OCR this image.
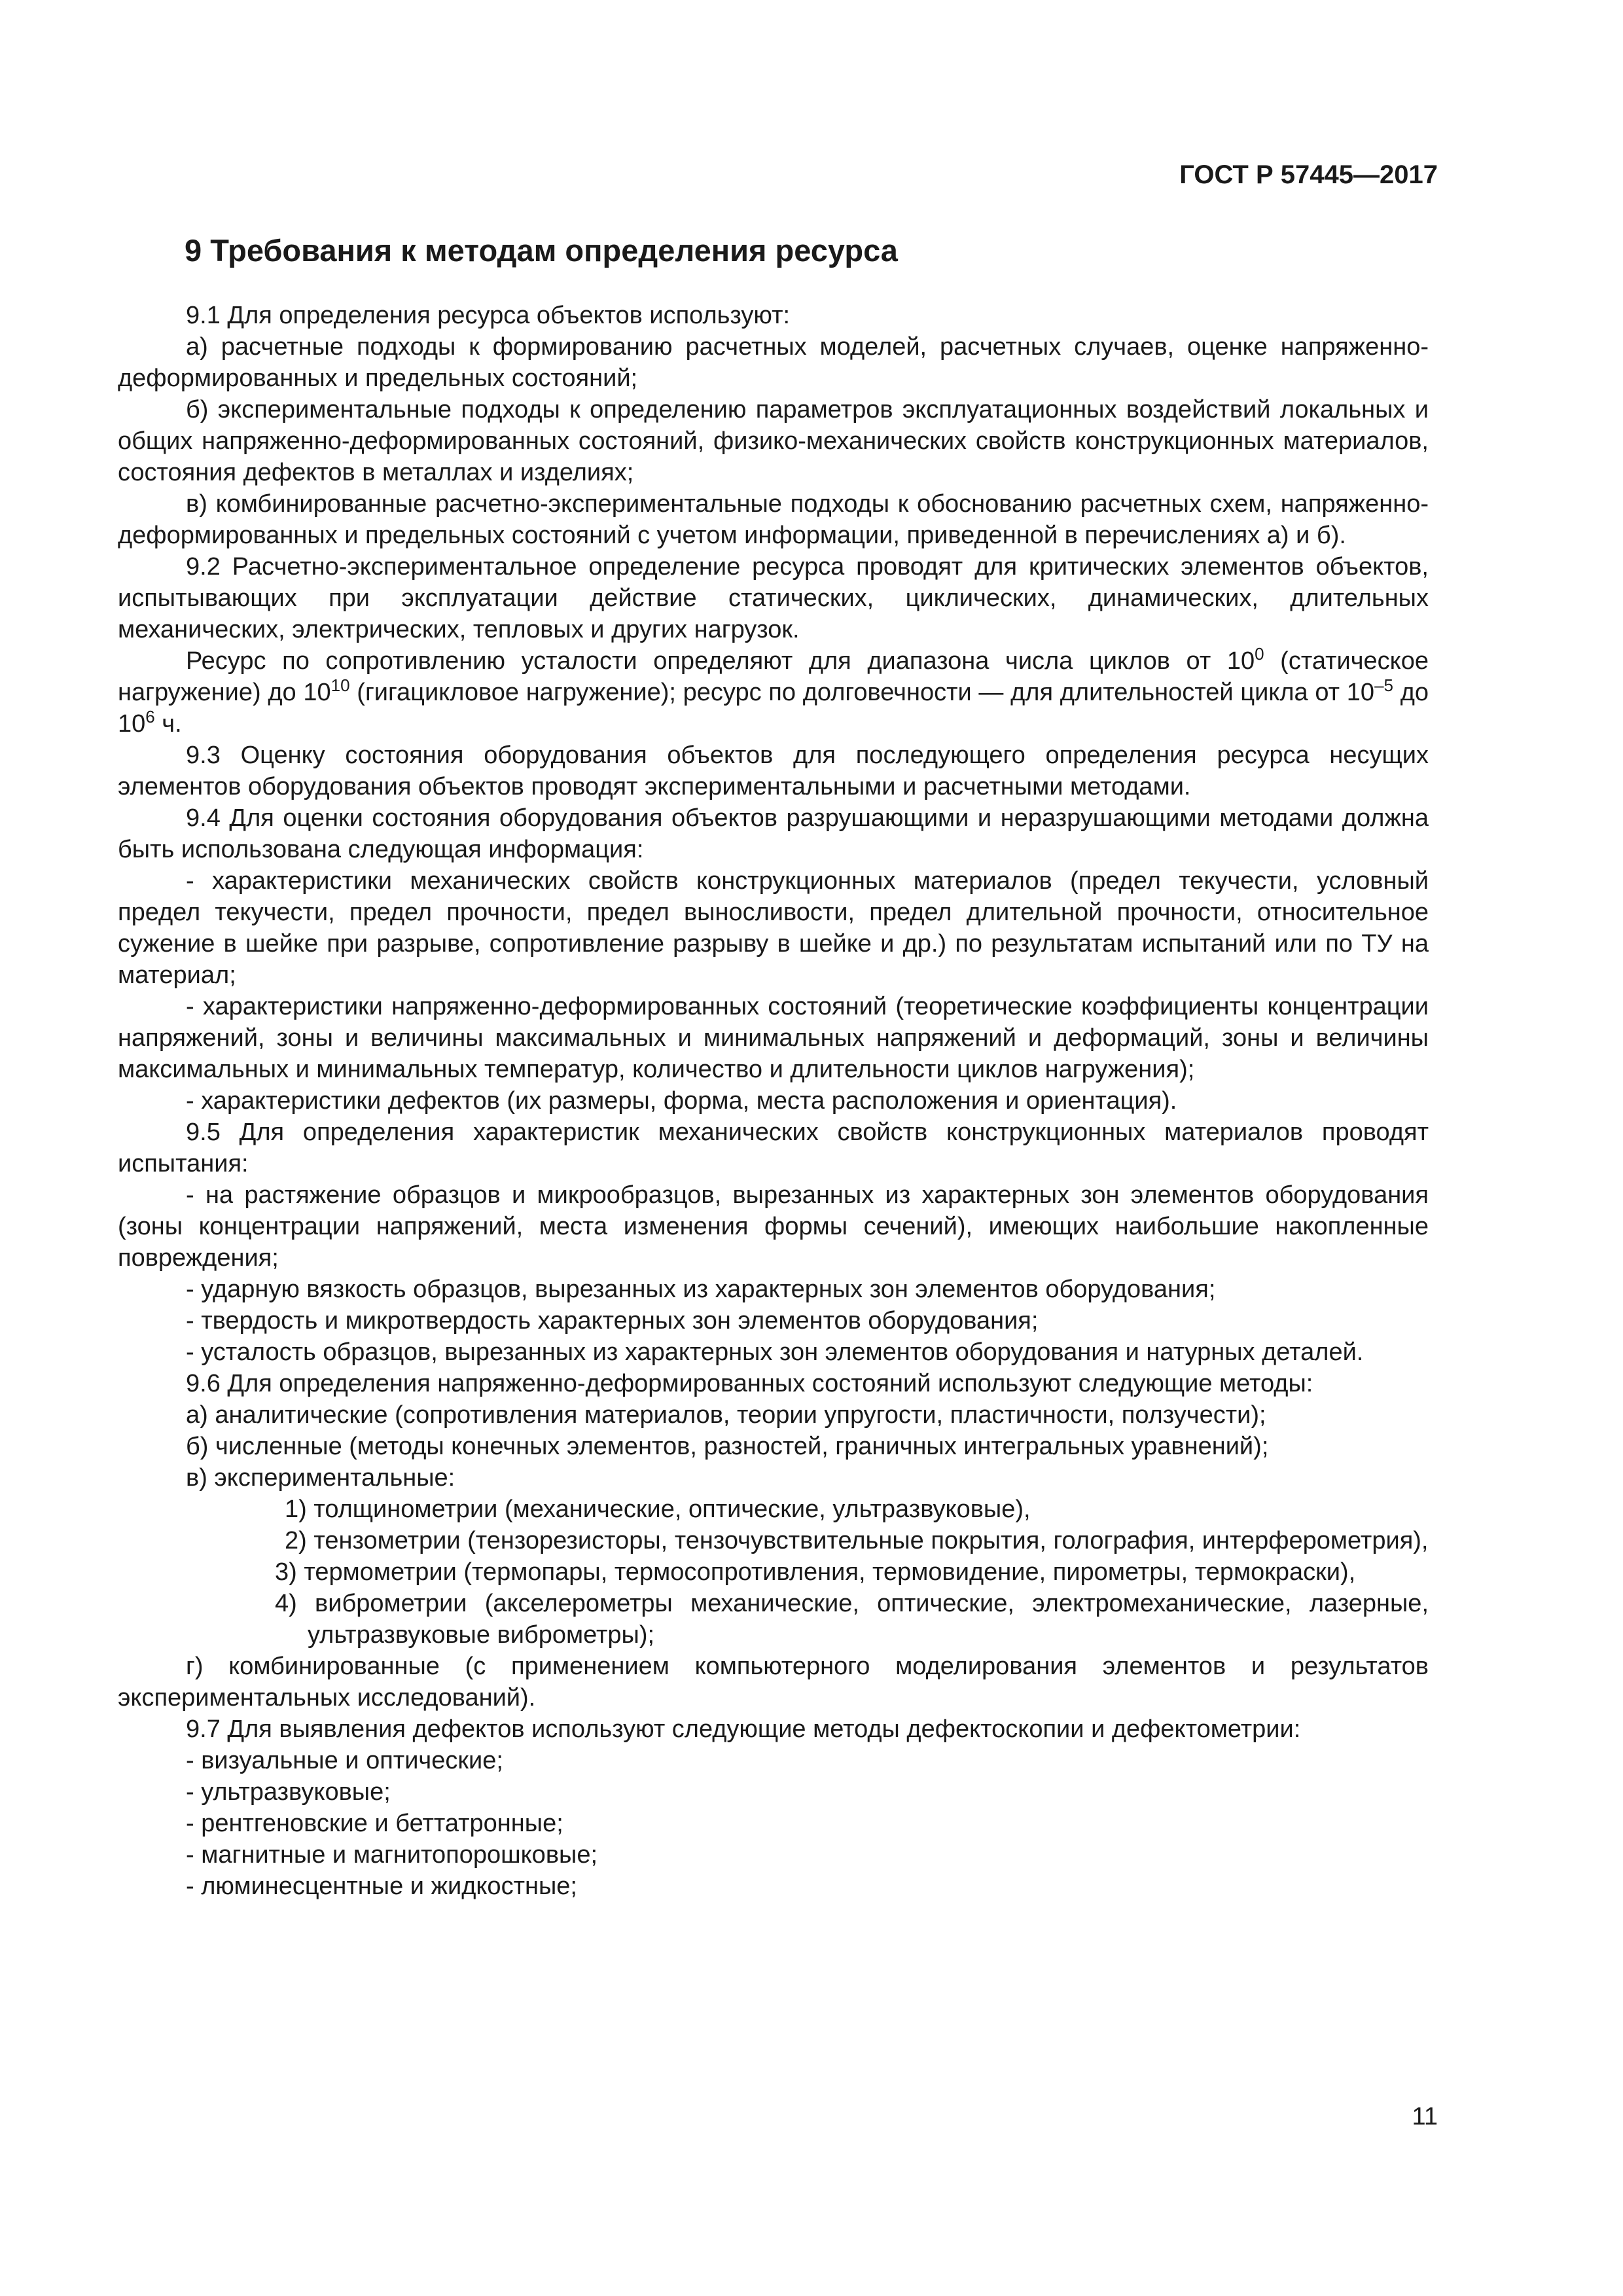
ГОСТ Р 57445—2017
9 Требования к методам определения ресурса

9.1 Для определения ресурса объектов используют:

а) расчетные подходы к формированию расчетных моделей, расчетных случаев, оценке напряженно-деформированных и предельных состояний;

б) экспериментальные подходы к определению параметров эксплуатационных воздействий локальных и общих напряженно-деформированных состояний, физико-механических свойств конструкционных материалов, состояния дефектов в металлах и изделиях;

в) комбинированные расчетно-экспериментальные подходы к обоснованию расчетных схем, напряженно-деформированных и предельных состояний с учетом информации, приведенной в перечислениях а) и б).

9.2 Расчетно-экспериментальное определение ресурса проводят для критических элементов объектов, испытывающих при эксплуатации действие статических, циклических, динамических, длительных механических, электрических, тепловых и других нагрузок.

Ресурс по сопротивлению усталости определяют для диапазона числа циклов от $10^0$ (статическое нагружение) до $10^{10}$ (гигацикловое нагружение); ресурс по долговечности — для длительностей цикла от $10^{-5}$ до $10^6$ ч.

9.3 Оценку состояния оборудования объектов для последующего определения ресурса несущих элементов оборудования объектов проводят экспериментальными и расчетными методами.

9.4 Для оценки состояния оборудования объектов разрушающими и неразрушающими методами должна быть использована следующая информация:

- характеристики механических свойств конструкционных материалов (предел текучести, условный предел текучести, предел прочности, предел выносливости, предел длительной прочности, относительное сужение в шейке при разрыве, сопротивление разрыву в шейке и др.) по результатам испытаний или по ТУ на материал;

- характеристики напряженно-деформированных состояний (теоретические коэффициенты концентрации напряжений, зоны и величины максимальных и минимальных напряжений и деформаций, зоны и величины максимальных и минимальных температур, количество и длительности циклов нагружения);

- характеристики дефектов (их размеры, форма, места расположения и ориентация).

9.5 Для определения характеристик механических свойств конструкционных материалов проводят испытания:

- на растяжение образцов и микрообразцов, вырезанных из характерных зон элементов оборудования (зоны концентрации напряжений, места изменения формы сечений), имеющих наибольшие накопленные повреждения;

- ударную вязкость образцов, вырезанных из характерных зон элементов оборудования;

- твердость и микротвердость характерных зон элементов оборудования;

- усталость образцов, вырезанных из характерных зон элементов оборудования и натурных деталей.

9.6 Для определения напряженно-деформированных состояний используют следующие методы:

а) аналитические (сопротивления материалов, теории упругости, пластичности, ползучести);

б) численные (методы конечных элементов, разностей, граничных интегральных уравнений);

в) экспериментальные:

1) толщинометрии (механические, оптические, ультразвуковые),

2) тензометрии (тензорезисторы, тензочувствительные покрытия, голография, интерферометрия),

3) термометрии (термопары, термосопротивления, термовидение, пирометры, термокраски),

4) виброметрии (акселерометры механические, оптические, электромеханические, лазерные, ультразвуковые виброметры);

г) комбинированные (с применением компьютерного моделирования элементов и результатов экспериментальных исследований).

9.7 Для выявления дефектов используют следующие методы дефектоскопии и дефектометрии:

- визуальные и оптические;

- ультразвуковые;

- рентгеновские и беттатронные;

- магнитные и магнитопорошковые;

- люминесцентные и жидкостные;

11
